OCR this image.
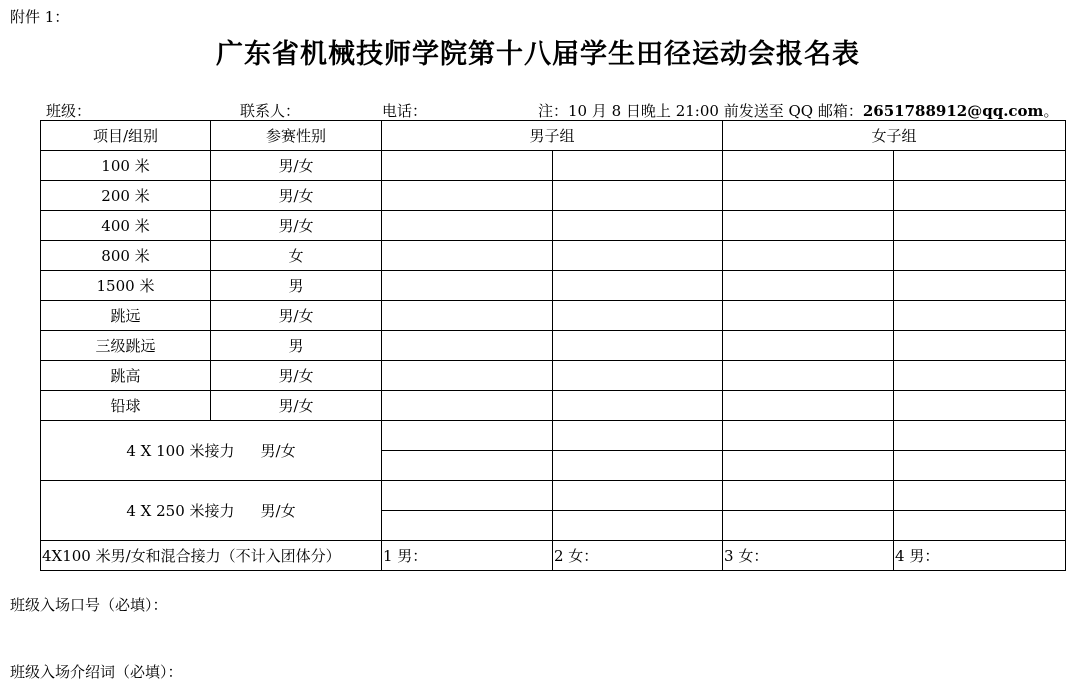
附件 1：
广东省机械技师学院第十八届学生田径运动会报名表
班级：	联系人：	电话：	注：10 月 8 日晚上 21:00 前发送至 QQ 邮箱：2651788912@qq.com。
项目/组别	参赛性别	男子组		女子组	
100 米	男/女				
200 米	男/女				
400 米	男/女				
800 米	女				
1500 米	男				
跳远	男/女				
三级跳远	男				
跳高	男/女				
铅球	男/女				
4 X 100 米接力 男/女					

4 X 250 米接力 男/女					

4X100 米男/女和混合接力（不计入团体分）		1 男：	2 女：	3 女：	4 男：
班级入场口号（必填）：
班级入场介绍词（必填）：
